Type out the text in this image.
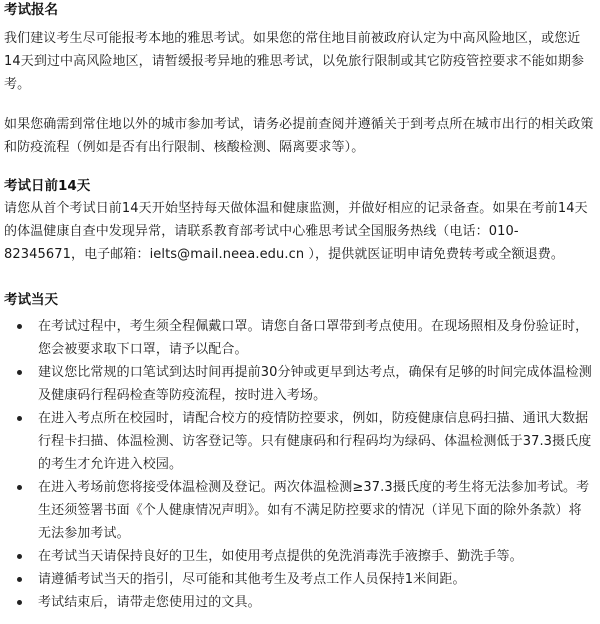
考试报名

我们建议考生尽可能报考本地的雅思考试。如果您的常住地目前被政府认定为中高风险地区，或您近14天到过中高风险地区，请暂缓报考异地的雅思考试，以免旅行限制或其它防疫管控要求不能如期参考。

如果您确需到常住地以外的城市参加考试，请务必提前查阅并遵循关于到考点所在城市出行的相关政策和防疫流程（例如是否有出行限制、核酸检测、隔离要求等）。

考试日前14天

请您从首个考试日前14天开始坚持每天做体温和健康监测，并做好相应的记录备查。如果在考前14天的体温健康自查中发现异常，请联系教育部考试中心雅思考试全国服务热线（电话：010-82345671，电子邮箱：ielts@mail.neea.edu.cn ），提供就医证明申请免费转考或全额退费。

考试当天
在考试过程中，考生须全程佩戴口罩。请您自备口罩带到考点使用。在现场照相及身份验证时，您会被要求取下口罩，请予以配合。
建议您比常规的口笔试到达时间再提前30分钟或更早到达考点，确保有足够的时间完成体温检测及健康码行程码检查等防疫流程，按时进入考场。
在进入考点所在校园时，请配合校方的疫情防控要求，例如，防疫健康信息码扫描、通讯大数据行程卡扫描、体温检测、访客登记等。只有健康码和行程码均为绿码、体温检测低于37.3摄氏度的考生才允许进入校园。
在进入考场前您将接受体温检测及登记。两次体温检测≥37.3摄氏度的考生将无法参加考试。考生还须签署书面《个人健康情况声明》。如有不满足防控要求的情况（详见下面的除外条款）将无法参加考试。
在考试当天请保持良好的卫生，如使用考点提供的免洗消毒洗手液擦手、勤洗手等。
请遵循考试当天的指引，尽可能和其他考生及考点工作人员保持1米间距。
考试结束后，请带走您使用过的文具。
